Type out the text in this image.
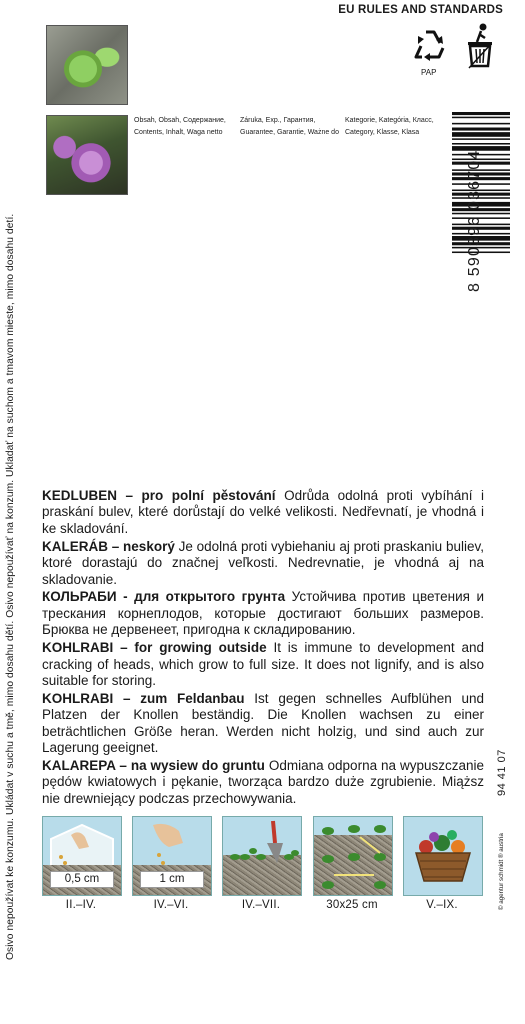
Osivo nepoužívat ke konzumu. Ukládat v suchu a tmě, mimo dosahu dětí. Osivo nepoužívať na konzum. Ukladať na suchom a tmavom mieste, mimo dosahu detí.
EU RULES AND STANDARDS
Obsah, Obsah, Содержание,
Contents, Inhalt, Waga netto
Záruka, Exp., Гарантия,
Guarantee, Garantie, Ważne do
Kategorie, Kategória, Класс,
Category, Klasse, Klasa
PAP
8 590396 036704
94 41 07
© agentur schmidt ® austria

KEDLUBEN – pro polní pěstování Odrůda odolná proti vybíhání i praskání bulev, které dorůstají do velké velikosti. Nedřevnatí, je vhodná i ke skladování.

KALERÁB – neskorý Je odolná proti vybiehaniu aj proti praskaniu buliev, ktoré dorastajú do značnej veľkosti. Nedrevnatie, je vhodná aj na skladovanie.

КОЛЬРАБИ - для открытого грунта Устойчива против цветения и трескания корнеплодов, которые достигают больших размеров. Брюква не дервенеет, пригодна к складированию.

KOHLRABI – for growing outside It is immune to development and cracking of heads, which grow to full size. It does not lignify, and is also suitable for storing.

KOHLRABI – zum Feldanbau Ist gegen schnelles Aufblühen und Platzen der Knollen beständig. Die Knollen wachsen zu einer beträchtlichen Größe heran. Werden nicht holzig, und sind auch zur Lagerung geeignet.

KALAREPA – na wysiew do gruntu Odmiana odporna na wypuszczanie pędów kwiatowych i pękanie, tworząca bardzo duże zgrubienie. Miąższ nie drewniejący podczas przechowywania.

0,5 cm
II.–IV.
1 cm
IV.–VI.	IV.–VII.	30x25 cm	V.–IX.
